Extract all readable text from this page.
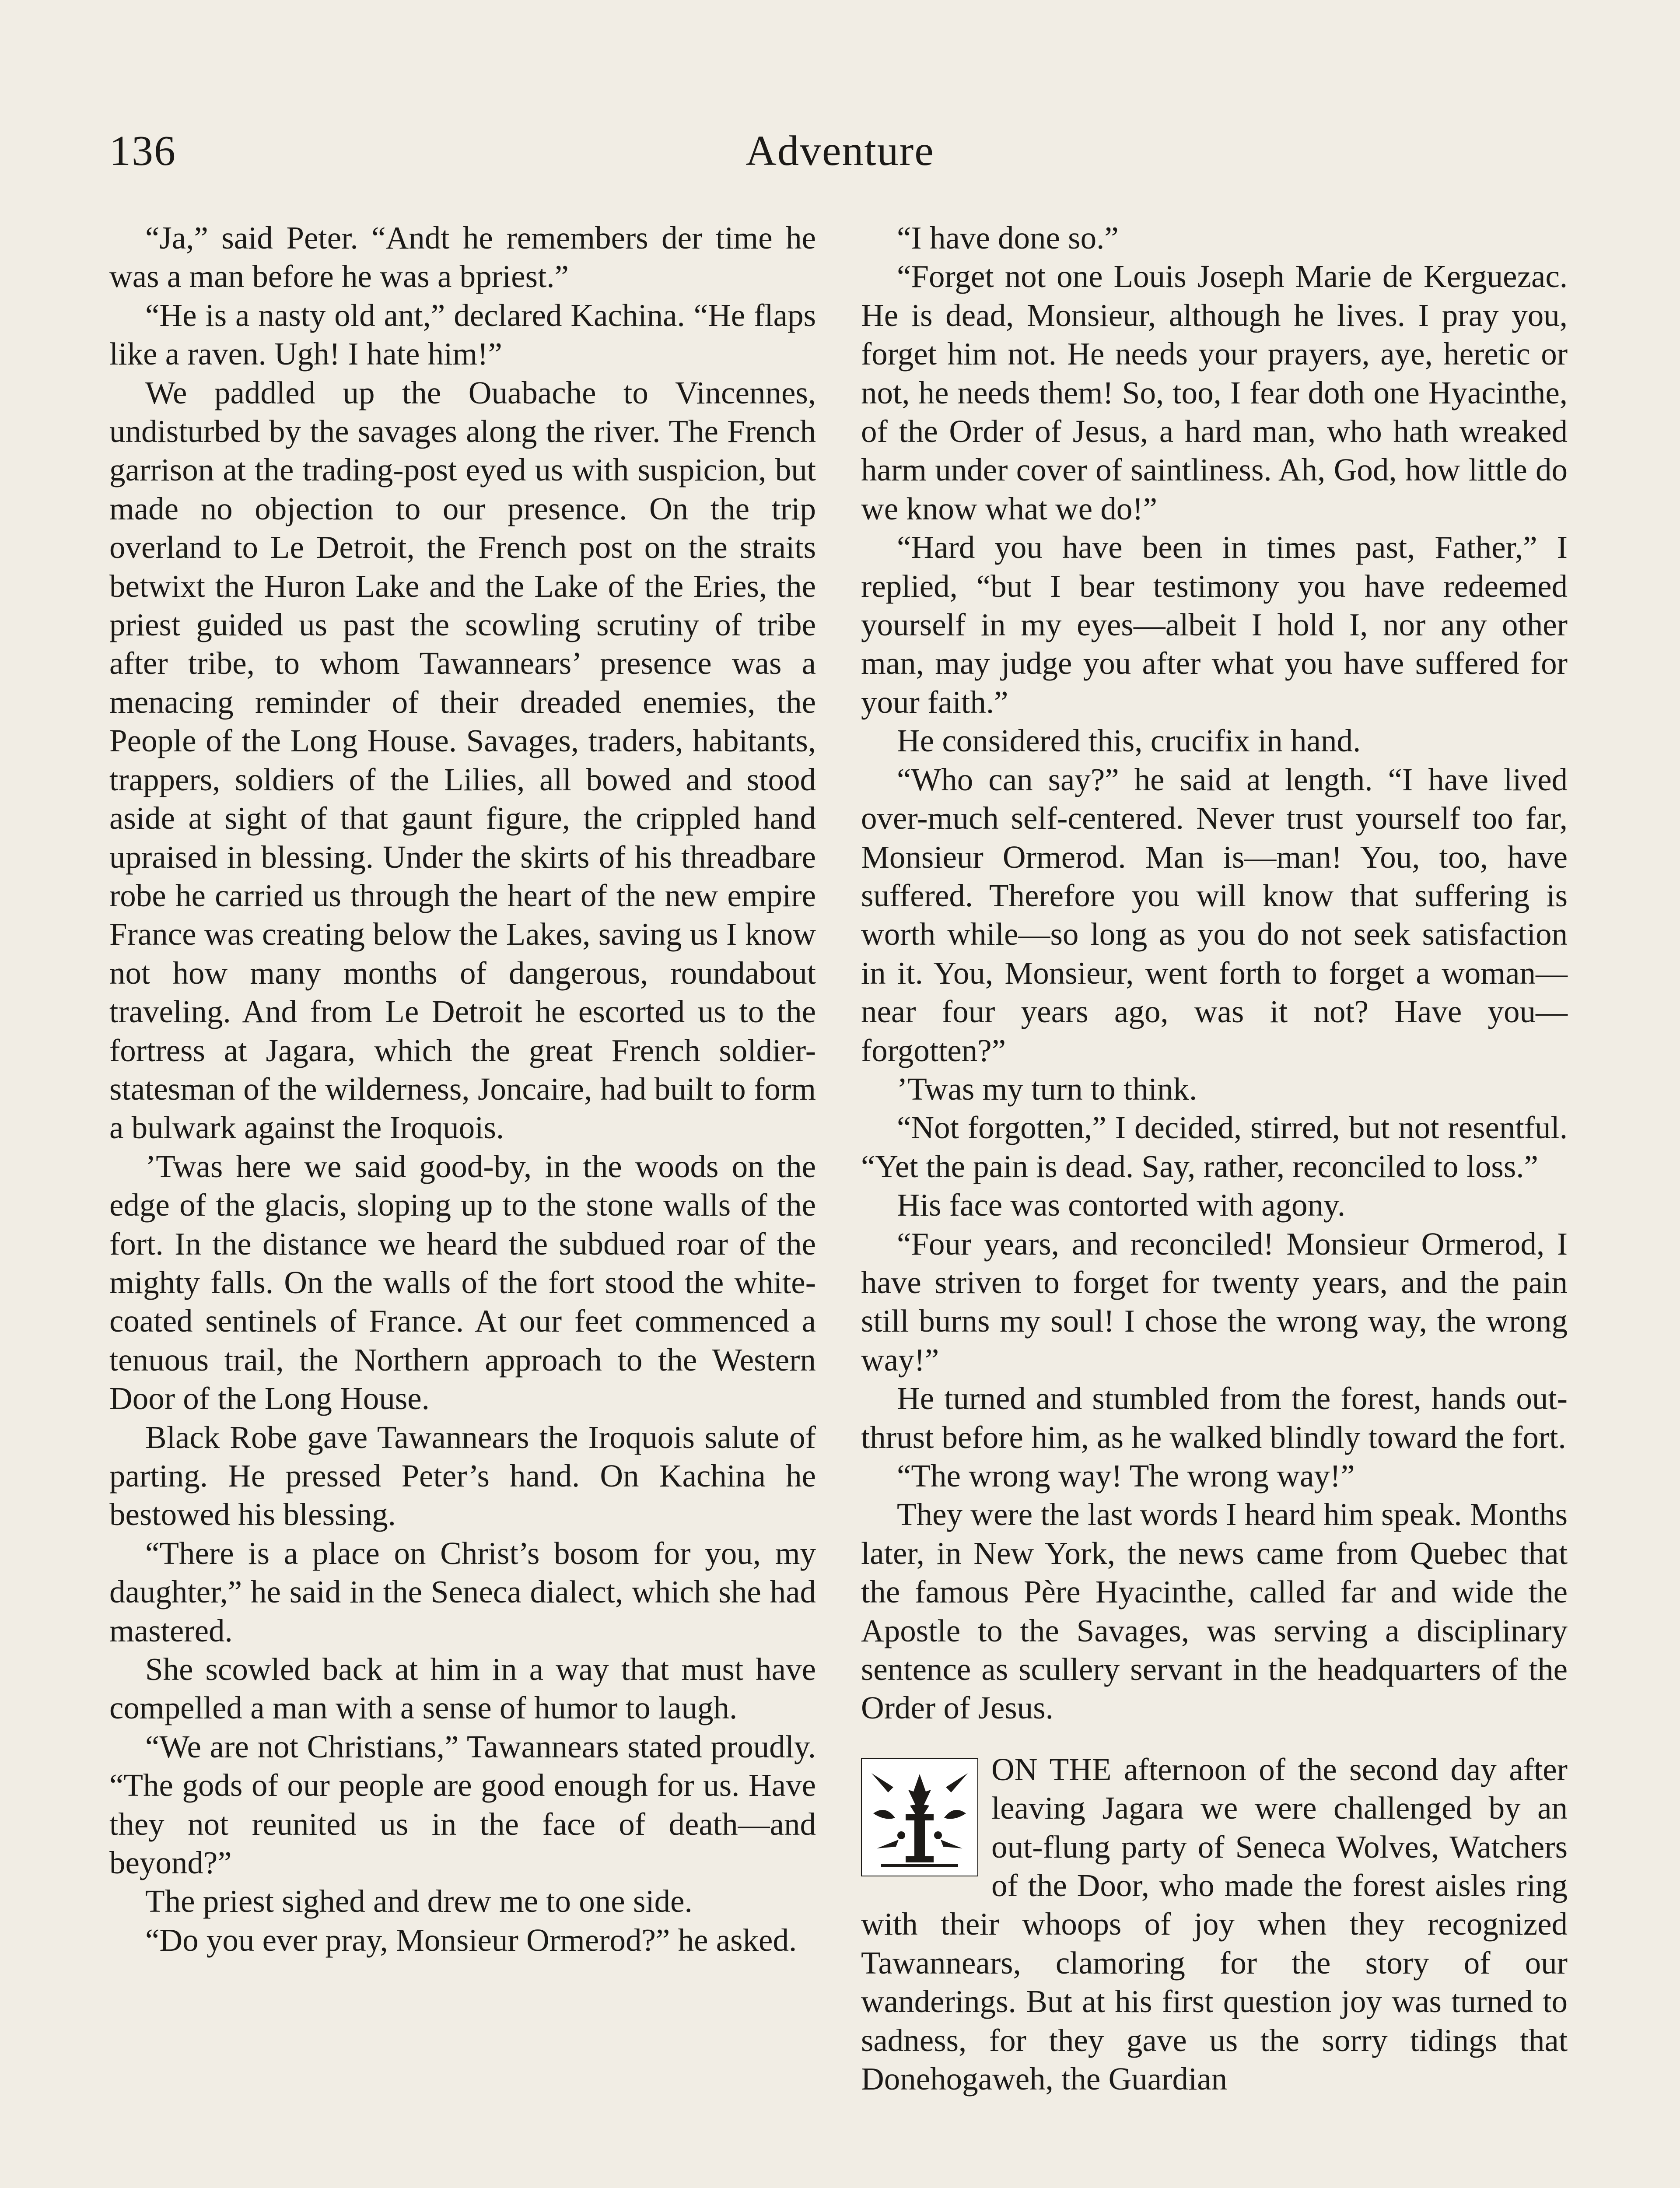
136	Adventure

“Ja,” said Peter. “Andt he remembers der time he was a man before he was a bpriest.”

“He is a nasty old ant,” declared Kachina. “He flaps like a raven. Ugh! I hate him!”

We paddled up the Ouabache to Vincennes, undisturbed by the savages along the river. The French garrison at the trading-post eyed us with suspicion, but made no objection to our presence. On the trip overland to Le Detroit, the French post on the straits betwixt the Huron Lake and the Lake of the Eries, the priest guided us past the scowling scrutiny of tribe after tribe, to whom Tawannears’ presence was a menacing reminder of their dreaded enemies, the People of the Long House. Savages, traders, habitants, trappers, soldiers of the Lilies, all bowed and stood aside at sight of that gaunt figure, the crippled hand upraised in blessing. Under the skirts of his threadbare robe he carried us through the heart of the new empire France was creating below the Lakes, saving us I know not how many months of dangerous, roundabout traveling. And from Le Detroit he escorted us to the fortress at Jagara, which the great French soldier-statesman of the wilderness, Joncaire, had built to form a bulwark against the Iroquois.

’Twas here we said good-by, in the woods on the edge of the glacis, sloping up to the stone walls of the fort. In the distance we heard the subdued roar of the mighty falls. On the walls of the fort stood the white-coated sentinels of France. At our feet commenced a tenuous trail, the Northern approach to the Western Door of the Long House.

Black Robe gave Tawannears the Iroquois salute of parting. He pressed Peter’s hand. On Kachina he bestowed his blessing.

“There is a place on Christ’s bosom for you, my daughter,” he said in the Seneca dialect, which she had mastered.

She scowled back at him in a way that must have compelled a man with a sense of humor to laugh.

“We are not Christians,” Tawannears stated proudly. “The gods of our people are good enough for us. Have they not reunited us in the face of death—and beyond?”

The priest sighed and drew me to one side.

“Do you ever pray, Monsieur Ormerod?” he asked.

“I have done so.”

“Forget not one Louis Joseph Marie de Kerguezac. He is dead, Monsieur, although he lives. I pray you, forget him not. He needs your prayers, aye, heretic or not, he needs them! So, too, I fear doth one Hyacinthe, of the Order of Jesus, a hard man, who hath wreaked harm under cover of saintliness. Ah, God, how little do we know what we do!”

“Hard you have been in times past, Father,” I replied, “but I bear testimony you have redeemed yourself in my eyes—albeit I hold I, nor any other man, may judge you after what you have suffered for your faith.”

He considered this, crucifix in hand.

“Who can say?” he said at length. “I have lived over-much self-centered. Never trust yourself too far, Monsieur Ormerod. Man is—man! You, too, have suffered. Therefore you will know that suffering is worth while—so long as you do not seek satisfaction in it. You, Monsieur, went forth to forget a woman—near four years ago, was it not? Have you—forgotten?”

’Twas my turn to think.

“Not forgotten,” I decided, stirred, but not resentful. “Yet the pain is dead. Say, rather, reconciled to loss.”

His face was contorted with agony.

“Four years, and reconciled! Monsieur Ormerod, I have striven to forget for twenty years, and the pain still burns my soul! I chose the wrong way, the wrong way!”

He turned and stumbled from the forest, hands out-thrust before him, as he walked blindly toward the fort.

“The wrong way! The wrong way!”

They were the last words I heard him speak. Months later, in New York, the news came from Quebec that the famous Père Hyacinthe, called far and wide the Apostle to the Savages, was serving a disciplinary sentence as scullery servant in the headquarters of the Order of Jesus.

ON THE afternoon of the second day after leaving Jagara we were challenged by an out-flung party of Seneca Wolves, Watchers of the Door, who made the forest aisles ring with their whoops of joy when they recognized Tawannears, clamoring for the story of our wanderings. But at his first question joy was turned to sadness, for they gave us the sorry tidings that Donehogaweh, the Guardian
